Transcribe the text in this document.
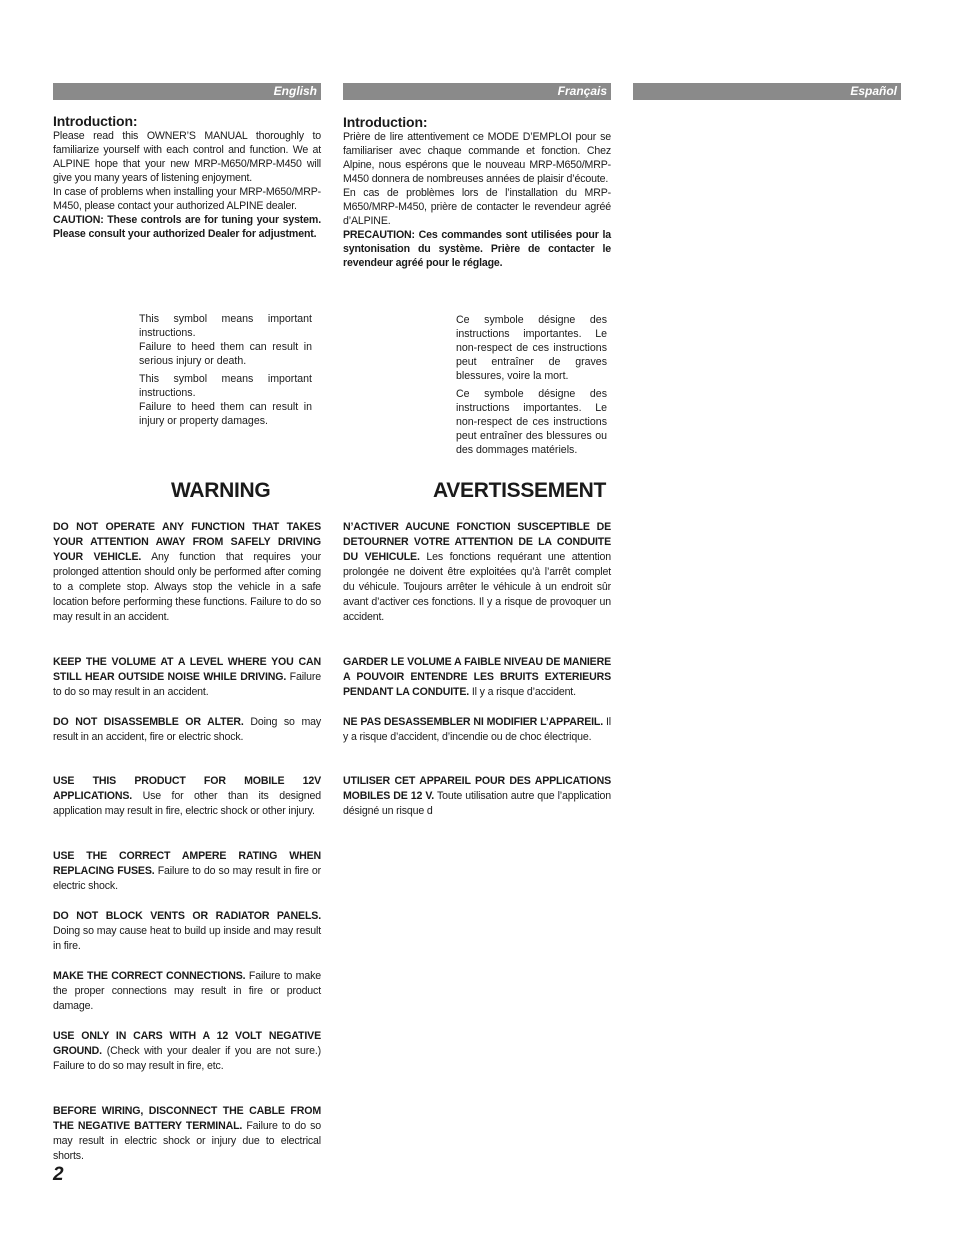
English	Français	Español
Introduction:

Please read this OWNER’S MANUAL thoroughly to familiarize yourself with each control and function. We at ALPINE hope that your new MRP-M650/MRP-M450 will give you many years of listening enjoyment.

In case of problems when installing your MRP-M650/MRP-M450, please contact your authorized ALPINE dealer.

CAUTION: These controls are for tuning your system. Please consult your authorized Dealer for adjustment.

Introduction:

Prière de lire attentivement ce MODE D’EMPLOI pour se familiariser avec chaque commande et fonction. Chez Alpine, nous espérons que le nouveau MRP-M650/MRP-M450 donnera de nombreuses années de plaisir d’écoute.

En cas de problèmes lors de l’installation du MRP-M650/MRP-M450, prière de contacter le revendeur agréé d’ALPINE.

PRECAUTION: Ces commandes sont utilisées pour la syntonisation du système. Prière de contacter le revendeur agréé pour le réglage.

This symbol means important instructions.
Failure to heed them can result in serious injury or death.

This symbol means important instructions.
Failure to heed them can result in injury or property damages.

Ce symbole désigne des instructions importantes. Le non-respect de ces instructions peut entraîner de graves blessures, voire la mort.

Ce symbole désigne des instructions importantes. Le non-respect de ces instructions peut entraîner des blessures ou des dommages matériels.

WARNING	AVERTISSEMENT

DO NOT OPERATE ANY FUNCTION THAT TAKES YOUR ATTENTION AWAY FROM SAFELY DRIVING YOUR VEHICLE. Any function that requires your prolonged attention should only be performed after coming to a complete stop. Always stop the vehicle in a safe location before performing these functions. Failure to do so may result in an accident.

KEEP THE VOLUME AT A LEVEL WHERE YOU CAN STILL HEAR OUTSIDE NOISE WHILE DRIVING. Failure to do so may result in an accident.

DO NOT DISASSEMBLE OR ALTER. Doing so may result in an accident, fire or electric shock.

USE THIS PRODUCT FOR MOBILE 12V APPLICATIONS. Use for other than its designed application may result in fire, electric shock or other injury.

USE THE CORRECT AMPERE RATING WHEN REPLACING FUSES. Failure to do so may result in fire or electric shock.

DO NOT BLOCK VENTS OR RADIATOR PANELS. Doing so may cause heat to build up inside and may result in fire.

MAKE THE CORRECT CONNECTIONS. Failure to make the proper connections may result in fire or product damage.

USE ONLY IN CARS WITH A 12 VOLT NEGATIVE GROUND. (Check with your dealer if you are not sure.) Failure to do so may result in fire, etc.

BEFORE WIRING, DISCONNECT THE CABLE FROM THE NEGATIVE BATTERY TERMINAL. Failure to do so may result in electric shock or injury due to electrical shorts.

N’ACTIVER AUCUNE FONCTION SUSCEPTIBLE DE DETOURNER VOTRE ATTENTION DE LA CONDUITE DU VEHICULE. Les fonctions requérant une attention prolongée ne doivent être exploitées qu’à l’arrêt complet du véhicule. Toujours arrêter le véhicule à un endroit sûr avant d’activer ces fonctions. Il y a risque de provoquer un accident.

GARDER LE VOLUME A FAIBLE NIVEAU DE MANIERE A POUVOIR ENTENDRE LES BRUITS EXTERIEURS PENDANT LA CONDUITE. Il y a risque d’accident.

NE PAS DESASSEMBLER NI MODIFIER L’APPAREIL. Il y a risque d’accident, d’incendie ou de choc électrique.

UTILISER CET APPAREIL POUR DES APPLICATIONS MOBILES DE 12 V. Toute utilisation autre que l’application désigné un risque d

2
